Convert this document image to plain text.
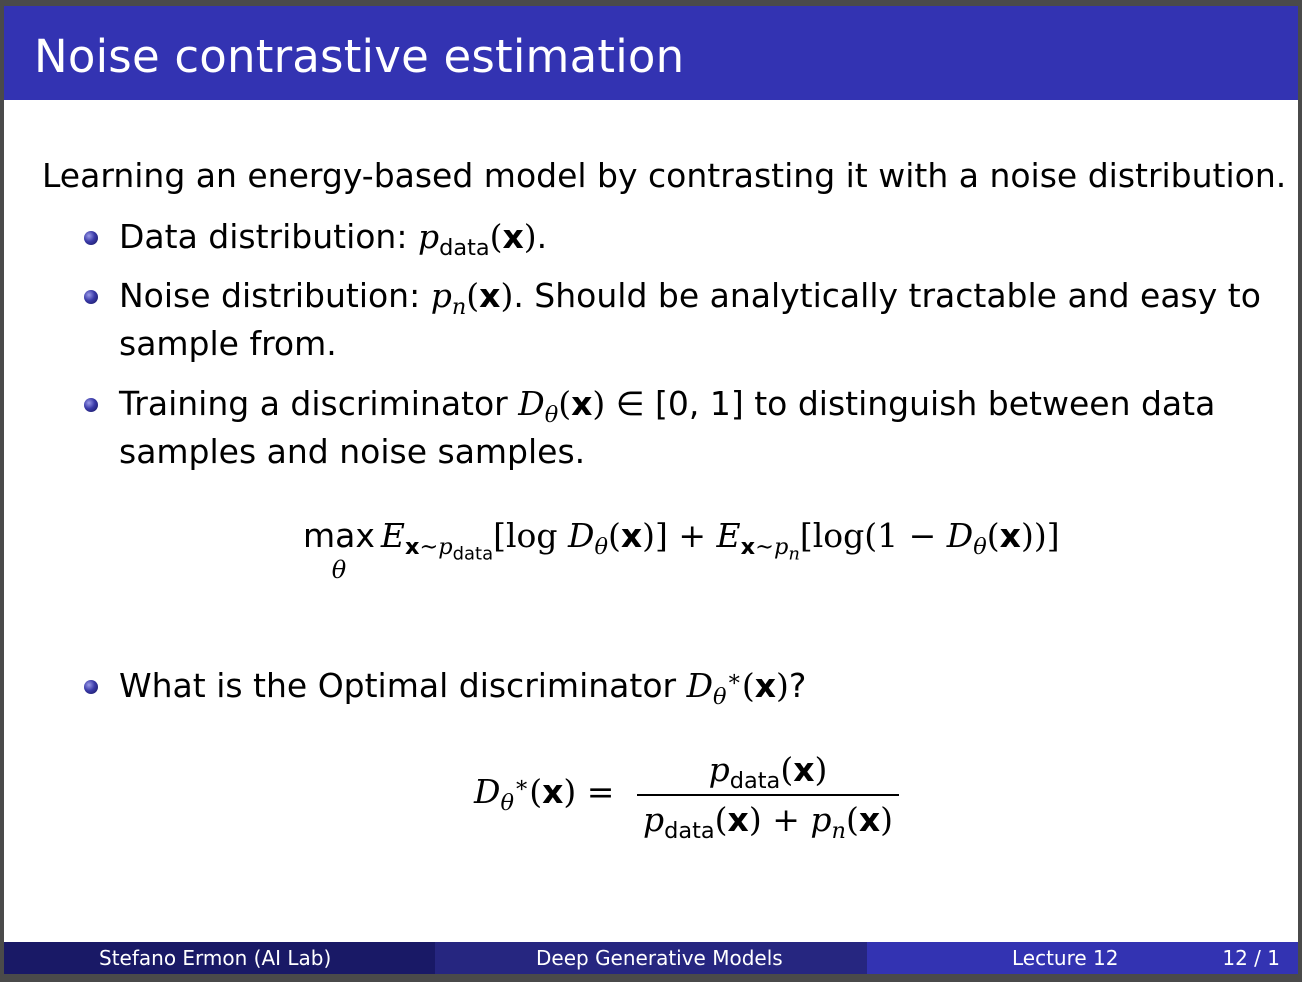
Noise contrastive estimation
Learning an energy-based model by contrasting it with a noise distribution.
Data distribution: $p_{data}(x)$.
Noise distribution: $p_n(x)$. Should be analytically tractable and easy to
sample from.
Training a discriminator $D_\theta(x)$ ∈ [0, 1] to distinguish between data
samples and noise samples.
max
θ
$E_{x\sim p_{data}}[\log$ $D_\theta(x)] + E_{x\sim p_n}[\log(1 - D_\theta(x))]$
What is the Optimal discriminator $D_\theta^∗(x)$?
$D_\theta^∗(x)$ =
$p_{data}(x)$
$p_{data}(x) + p_n(x)$
Stefano Ermon (AI Lab)	Deep Generative Models	Lecture 12	12 / 1
